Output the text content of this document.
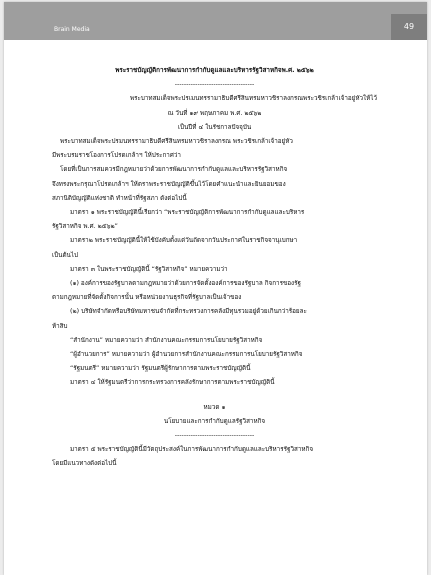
Brain Media	49

พระราชบัญญัติการพัฒนาการกำกับดูแลและบริหารรัฐวิสาหกิจพ.ศ. ๒๕๖๒

-----------------------------------

พระบาทสมเด็จพระปรเมนทรรามาธิบดีศรีสินทรมหาวชิราลงกรณพระวชิรเกล้าเจ้าอยู่หัวให้ไว้

ณ วันที่ ๑๙ พฤษภาคม พ.ศ. ๒๕๖๒

เป็นปีที่ ๔ ในรัชกาลปัจจุบัน

พระบาทสมเด็จพระปรมนทรรามาธิบดีศรีสินทรมหาวชิราลงกรณ พระวชิรเกล้าเจ้าอยู่หัว

มีพระบรมราชโองการโปรดเกล้าฯ ให้ประกาศว่า

โดยที่เป็นการสมควรมีกฎหมายว่าด้วยการพัฒนาการกำกับดูแลและบริหารรัฐวิสาหกิจ

จึงทรงพระกรุณาโปรดเกล้าฯ ให้ตราพระราชบัญญัติขึ้นไว้โดยคำแนะนำและยินยอมของ

สภานิติบัญญัติแห่งชาติ ทำหน้าที่รัฐสภา ดังต่อไปนี้

มาตรา ๑ พระราชบัญญัตินี้เรียกว่า “พระราชบัญญัติการพัฒนาการกำกับดูแลและบริหาร

รัฐวิสาหกิจ พ.ศ. ๒๕๖๒”

มาตรา๒ พระราชบัญญัตินี้ให้ใช้บังคับตั้งแต่วันถัดจากวันประกาศในราชกิจจานุเบกษา

เป็นต้นไป

มาตรา ๓ ในพระราชบัญญัตินี้ “รัฐวิสาหกิจ” หมายความว่า

(๑) องค์การของรัฐบาลตามกฎหมายว่าด้วยการจัดตั้งองค์การของรัฐบาล กิจการของรัฐ

ตามกฎหมายที่จัดตั้งกิจการนั้น หรือหน่วยงานธุรกิจที่รัฐบาลเป็นเจ้าของ

(๒) บริษัทจำกัดหรือบริษัทมหาชนจำกัดที่กระทรวงการคลังมีทุนรวมอยู่ด้วยเกินกว่าร้อยละ

ห้าสิบ

“สำนักงาน” หมายความว่า สำนักงานคณะกรรมการนโยบายรัฐวิสาหกิจ

“ผู้อำนวยการ” หมายความว่า ผู้อำนวยการสำนักงานคณะกรรมการนโยบายรัฐวิสาหกิจ

“รัฐมนตรี” หมายความว่า รัฐมนตรีผู้รักษาการตามพระราชบัญญัตินี้

มาตรา ๔ ให้รัฐมนตรีว่าการกระทรวงการคลังรักษาการตามพระราชบัญญัตินี้

หมวด ๑

นโยบายและการกำกับดูแลรัฐวิสาหกิจ

-----------------------------------

มาตรา ๕ พระราชบัญญัตินี้มีวัตถุประสงค์ในการพัฒนาการกำกับดูแลและบริหารรัฐวิสาหกิจ

โดยมีแนวทางดังต่อไปนี้
